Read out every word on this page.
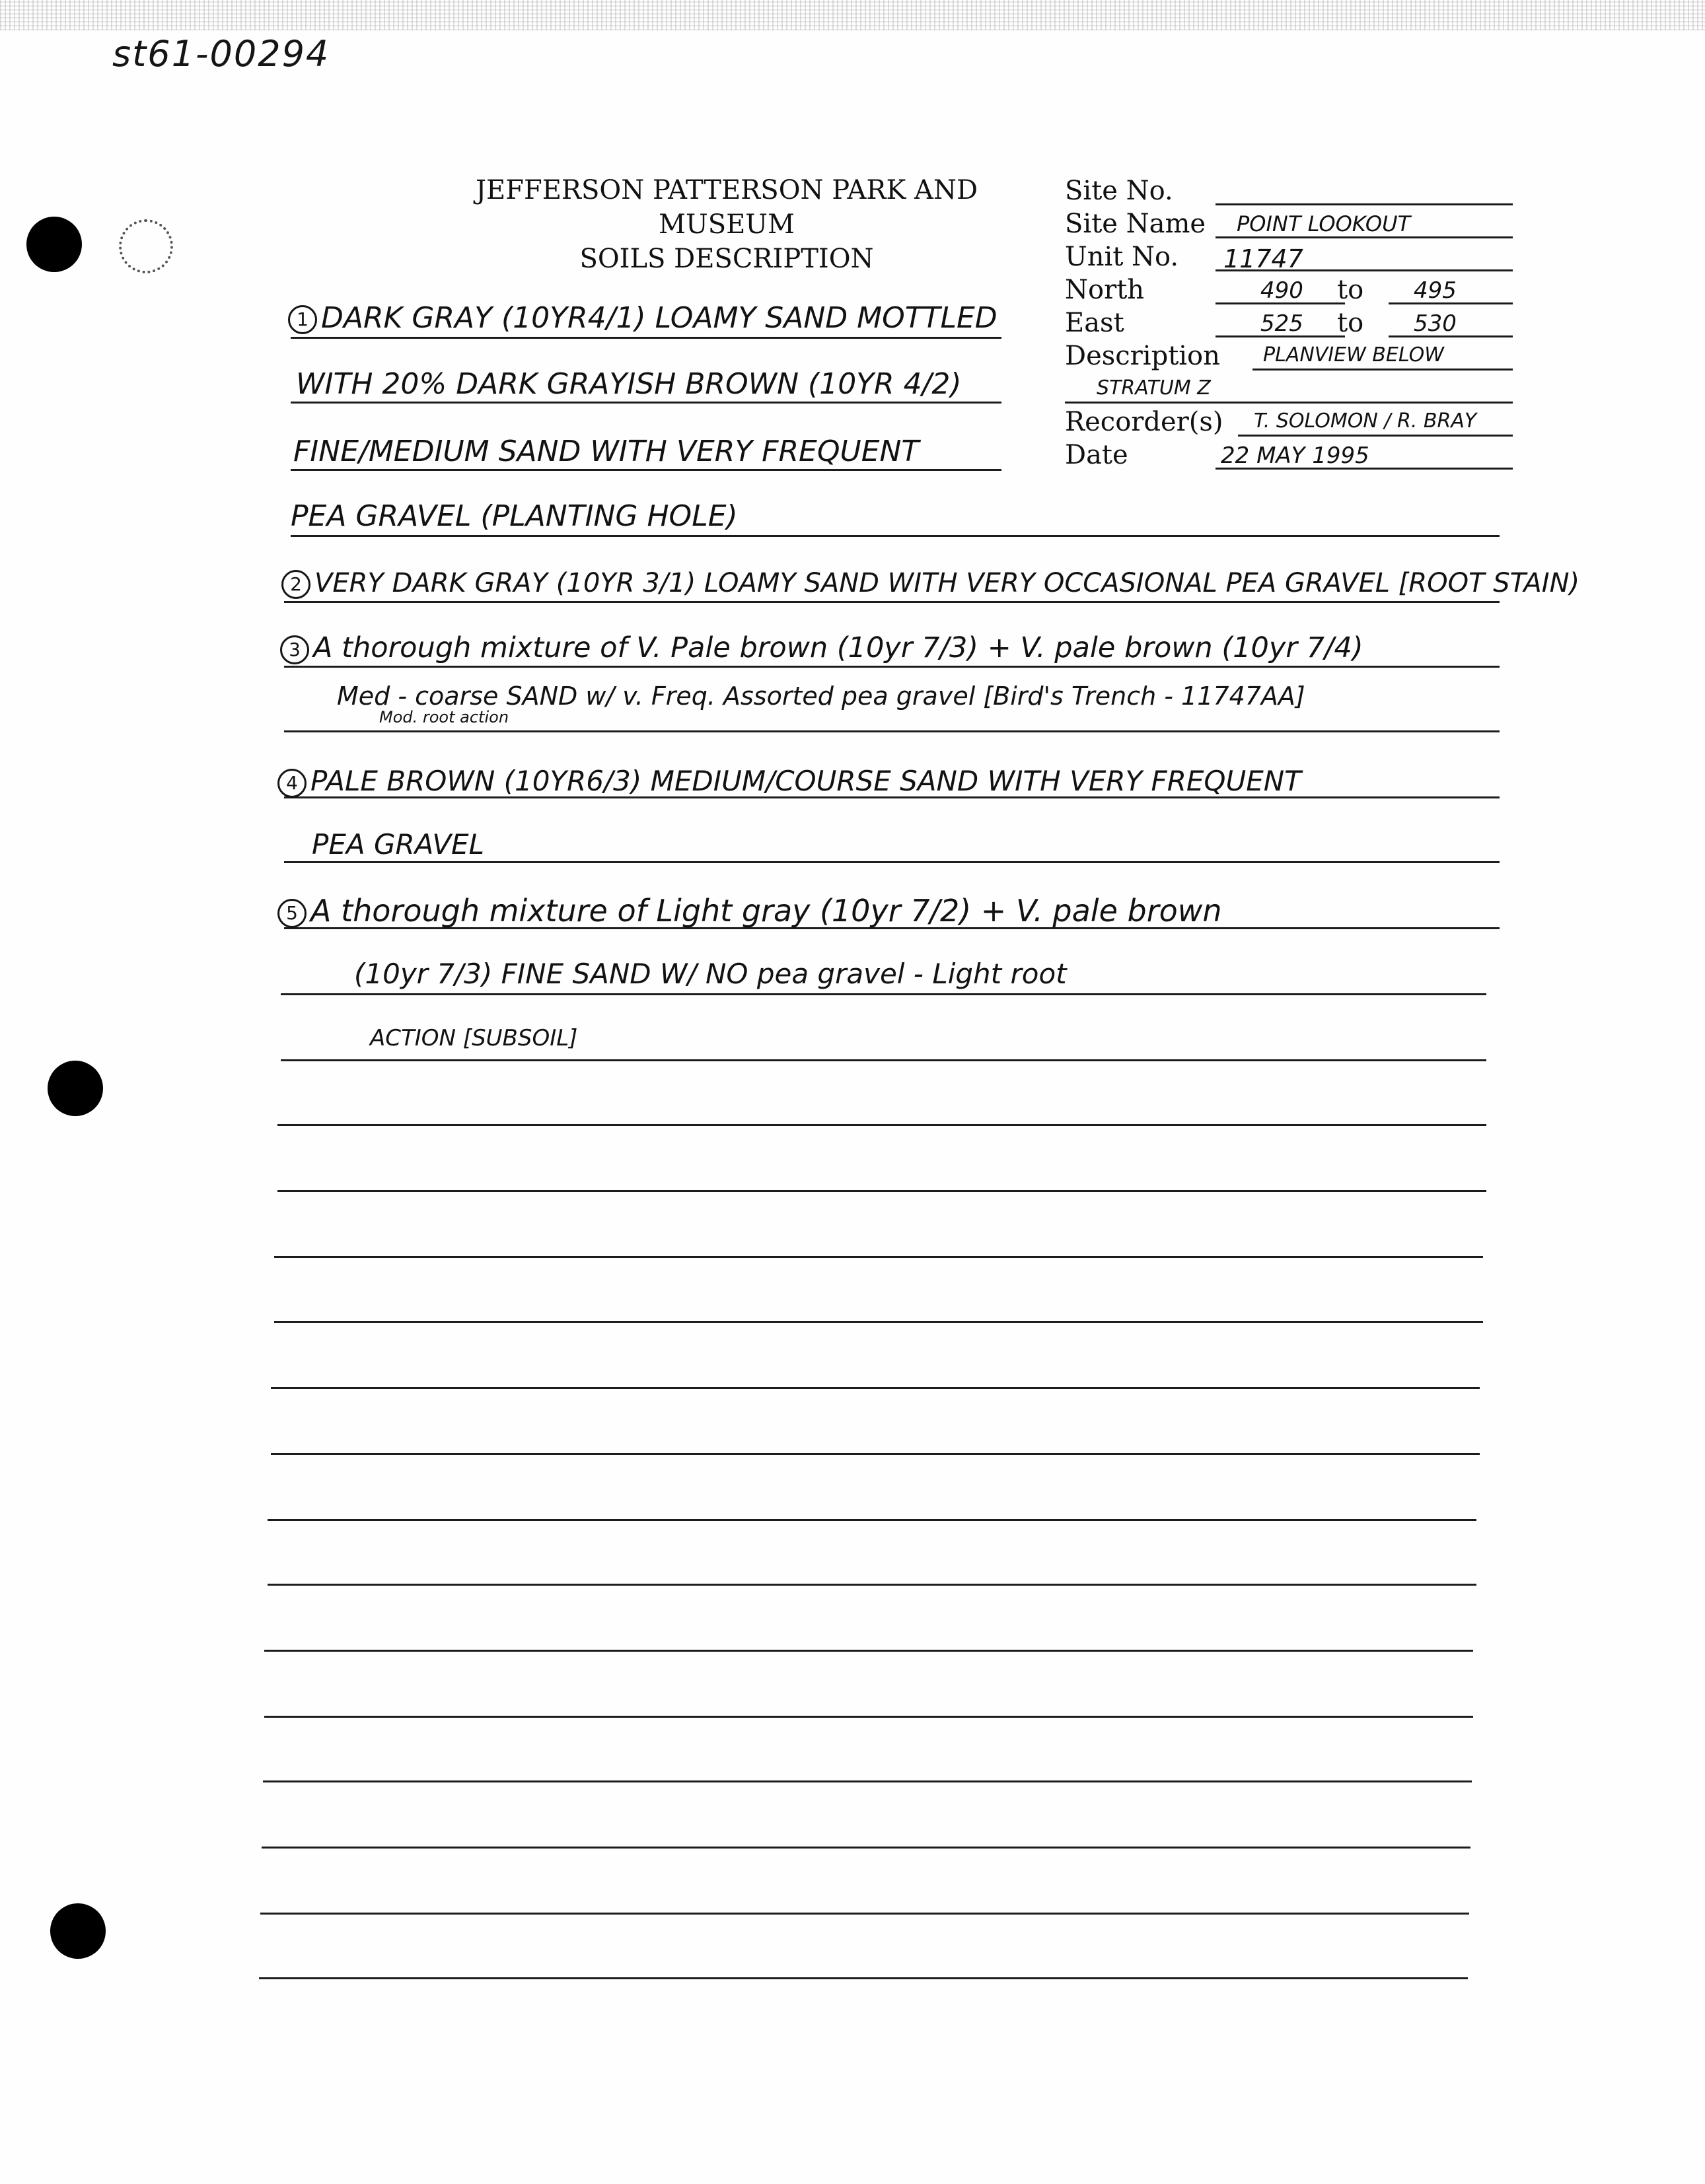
st61-00294
JEFFERSON PATTERSON PARK AND MUSEUM
SOILS DESCRIPTION
Site No.
Site Name POINT LOOKOUT
Unit No. 11747
North	490 to 495
East	525 to 530
Description PLANVIEW BELOW
STRATUM Z
Recorder(s) T. SOLOMON / R. BRAY
Date	22 MAY 1995
1 DARK GRAY (10YR4/1) LOAMY SAND MOTTLED
WITH 20% DARK GRAYISH BROWN (10YR 4/2)
FINE/MEDIUM SAND WITH VERY FREQUENT
PEA GRAVEL (PLANTING HOLE)
2 VERY DARK GRAY (10YR 3/1) LOAMY SAND WITH VERY OCCASIONAL PEA GRAVEL [ROOT STAIN)
3 A thorough mixture of V. Pale brown (10yr 7/3) + V. pale brown (10yr 7/4)
Med - coarse SAND w/ v. Freq. Assorted pea gravel [Bird's Trench - 11747AA]
Mod. root action
4 PALE BROWN (10YR6/3) MEDIUM/COURSE SAND WITH VERY FREQUENT
PEA GRAVEL
5 A thorough mixture of Light gray (10yr 7/2) + V. pale brown
(10yr 7/3) FINE SAND W/ NO pea gravel - Light root
ACTION [SUBSOIL]
